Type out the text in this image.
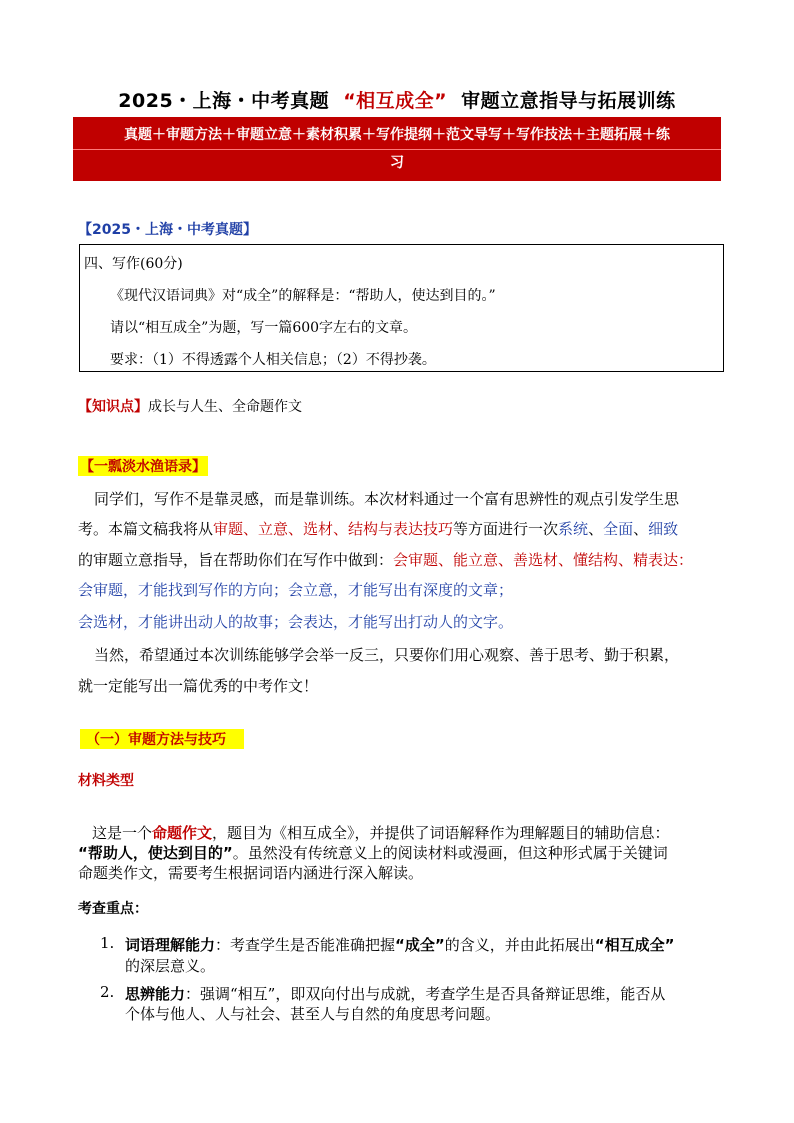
2025・上海・中考真题 “相互成全” 审题立意指导与拓展训练
真题＋审题方法＋审题立意＋素材积累＋写作提纲＋范文导写＋写作技法＋主题拓展＋练
习
【2025・上海・中考真题】
四、写作(60分)
《现代汉语词典》对“成全”的解释是：“帮助人，使达到目的。”
请以“相互成全”为题，写一篇600字左右的文章。
要求：（1）不得透露个人相关信息；（2）不得抄袭。
【知识点】成长与人生、全命题作文
【一瓢淡水渔语录】
同学们，写作不是靠灵感，而是靠训练。本次材料通过一个富有思辨性的观点引发学生思
考。本篇文稿我将从审题、立意、选材、结构与表达技巧等方面进行一次系统、全面、细致
的审题立意指导，旨在帮助你们在写作中做到：会审题、能立意、善选材、懂结构、精表达：
会审题，才能找到写作的方向；会立意，才能写出有深度的文章；
会选材，才能讲出动人的故事；会表达，才能写出打动人的文字。
当然，希望通过本次训练能够学会举一反三，只要你们用心观察、善于思考、勤于积累，
就一定能写出一篇优秀的中考作文！
（一）审题方法与技巧
材料类型
这是一个命题作文，题目为《相互成全》，并提供了词语解释作为理解题目的辅助信息：
“帮助人，使达到目的”。虽然没有传统意义上的阅读材料或漫画，但这种形式属于关键词
命题类作文，需要考生根据词语内涵进行深入解读。
考查重点：
1. 词语理解能力：考查学生是否能准确把握“成全”的含义，并由此拓展出“相互成全”
的深层意义。
2. 思辨能力：强调“相互”，即双向付出与成就，考查学生是否具备辩证思维，能否从
个体与他人、人与社会、甚至人与自然的角度思考问题。
